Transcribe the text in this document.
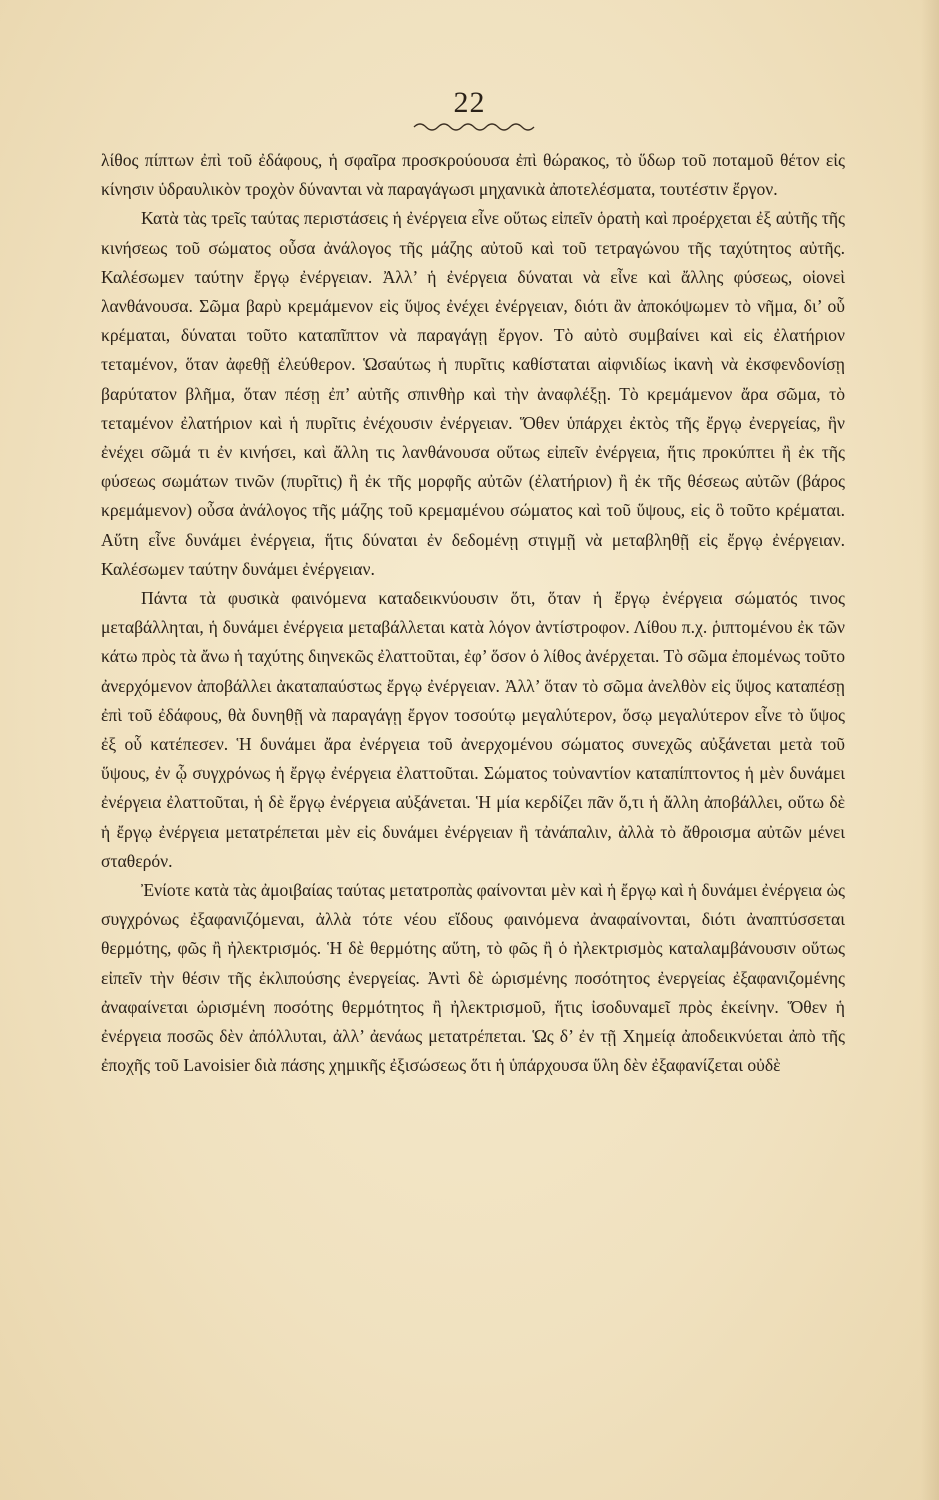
22

λίθος πίπτων ἐπὶ τοῦ ἐδάφους, ἡ σφαῖρα προσκρούουσα ἐπὶ θώρακος, τὸ ὕδωρ τοῦ ποταμοῦ θέτον εἰς κίνησιν ὑδραυλικὸν τροχὸν δύνανται νὰ παραγάγωσι μηχανικὰ ἀποτελέσματα, τουτέστιν ἔργον.

Κατὰ τὰς τρεῖς ταύτας περιστάσεις ἡ ἐνέργεια εἶνε οὕτως εἰπεῖν ὁρατὴ καὶ προέρχεται ἐξ αὐτῆς τῆς κινήσεως τοῦ σώματος οὖσα ἀνάλογος τῆς μάζης αὐτοῦ καὶ τοῦ τετραγώνου τῆς ταχύτητος αὐτῆς. Καλέσωμεν ταύτην ἔργῳ ἐνέργειαν. Ἀλλ’ ἡ ἐνέργεια δύναται νὰ εἶνε καὶ ἄλλης φύσεως, οἱονεὶ λανθάνουσα. Σῶμα βαρὺ κρεμάμενον εἰς ὕψος ἐνέχει ἐνέργειαν, διότι ἂν ἀποκόψωμεν τὸ νῆμα, δι’ οὗ κρέμαται, δύναται τοῦτο καταπῖπτον νὰ παραγάγῃ ἔργον. Τὸ αὐτὸ συμβαίνει καὶ εἰς ἐλατήριον τεταμένον, ὅταν ἀφεθῇ ἐλεύθερον. Ὡσαύτως ἡ πυρῖτις καθίσταται αἰφνιδίως ἱκανὴ νὰ ἐκσφενδονίσῃ βαρύτατον βλῆμα, ὅταν πέσῃ ἐπ’ αὐτῆς σπινθὴρ καὶ τὴν ἀναφλέξῃ. Τὸ κρεμάμενον ἄρα σῶμα, τὸ τεταμένον ἐλατήριον καὶ ἡ πυρῖτις ἐνέχουσιν ἐνέργειαν. Ὅθεν ὑπάρχει ἐκτὸς τῆς ἔργῳ ἐνεργείας, ἣν ἐνέχει σῶμά τι ἐν κινήσει, καὶ ἄλλη τις λανθάνουσα οὕτως εἰπεῖν ἐνέργεια, ἥτις προκύπτει ἢ ἐκ τῆς φύσεως σωμάτων τινῶν (πυρῖτις) ἢ ἐκ τῆς μορφῆς αὐτῶν (ἐλατήριον) ἢ ἐκ τῆς θέσεως αὐτῶν (βάρος κρεμάμενον) οὖσα ἀνάλογος τῆς μάζης τοῦ κρεμαμένου σώματος καὶ τοῦ ὕψους, εἰς ὃ τοῦτο κρέμαται. Αὕτη εἶνε δυνάμει ἐνέργεια, ἥτις δύναται ἐν δεδομένῃ στιγμῇ νὰ μεταβληθῇ εἰς ἔργῳ ἐνέργειαν. Καλέσωμεν ταύτην δυνάμει ἐνέργειαν.

Πάντα τὰ φυσικὰ φαινόμενα καταδεικνύουσιν ὅτι, ὅταν ἡ ἔργῳ ἐνέργεια σώματός τινος μεταβάλληται, ἡ δυνάμει ἐνέργεια μεταβάλλεται κατὰ λόγον ἀντίστροφον. Λίθου π.χ. ῥιπτομένου ἐκ τῶν κάτω πρὸς τὰ ἄνω ἡ ταχύτης διηνεκῶς ἐλαττοῦται, ἐφ’ ὅσον ὁ λίθος ἀνέρχεται. Τὸ σῶμα ἐπομένως τοῦτο ἀνερχόμενον ἀποβάλλει ἀκαταπαύστως ἔργῳ ἐνέργειαν. Ἀλλ’ ὅταν τὸ σῶμα ἀνελθὸν εἰς ὕψος καταπέσῃ ἐπὶ τοῦ ἐδάφους, θὰ δυνηθῇ νὰ παραγάγῃ ἔργον τοσούτῳ μεγαλύτερον, ὅσῳ μεγαλύτερον εἶνε τὸ ὕψος ἐξ οὗ κατέπεσεν. Ἡ δυνάμει ἄρα ἐνέργεια τοῦ ἀνερχομένου σώματος συνεχῶς αὐξάνεται μετὰ τοῦ ὕψους, ἐν ᾧ συγχρόνως ἡ ἔργῳ ἐνέργεια ἐλαττοῦται. Σώματος τοὐναντίον καταπίπτοντος ἡ μὲν δυνάμει ἐνέργεια ἐλαττοῦται, ἡ δὲ ἔργῳ ἐνέργεια αὐξάνεται. Ἡ μία κερδίζει πᾶν ὅ,τι ἡ ἄλλη ἀποβάλλει, οὕτω δὲ ἡ ἔργῳ ἐνέργεια μετατρέπεται μὲν εἰς δυνάμει ἐνέργειαν ἢ τἀνάπαλιν, ἀλλὰ τὸ ἄθροισμα αὐτῶν μένει σταθερόν.

Ἐνίοτε κατὰ τὰς ἀμοιβαίας ταύτας μετατροπὰς φαίνονται μὲν καὶ ἡ ἔργῳ καὶ ἡ δυνάμει ἐνέργεια ὡς συγχρόνως ἐξαφανιζόμεναι, ἀλλὰ τότε νέου εἴδους φαινόμενα ἀναφαίνονται, διότι ἀναπτύσσεται θερμότης, φῶς ἢ ἠλεκτρισμός. Ἡ δὲ θερμότης αὕτη, τὸ φῶς ἢ ὁ ἠλεκτρισμὸς καταλαμβάνουσιν οὕτως εἰπεῖν τὴν θέσιν τῆς ἐκλιπούσης ἐνεργείας. Ἀντὶ δὲ ὡρισμένης ποσότητος ἐνεργείας ἐξαφανιζομένης ἀναφαίνεται ὡρισμένη ποσότης θερμότητος ἢ ἠλεκτρισμοῦ, ἥτις ἰσοδυναμεῖ πρὸς ἐκείνην. Ὅθεν ἡ ἐνέργεια ποσῶς δὲν ἀπόλλυται, ἀλλ’ ἀενάως μετατρέπεται. Ὡς δ’ ἐν τῇ Χημείᾳ ἀποδεικνύεται ἀπὸ τῆς ἐποχῆς τοῦ Lavoisier διὰ πάσης χημικῆς ἐξισώσεως ὅτι ἡ ὑπάρχουσα ὕλη δὲν ἐξαφανίζεται οὐδὲ
